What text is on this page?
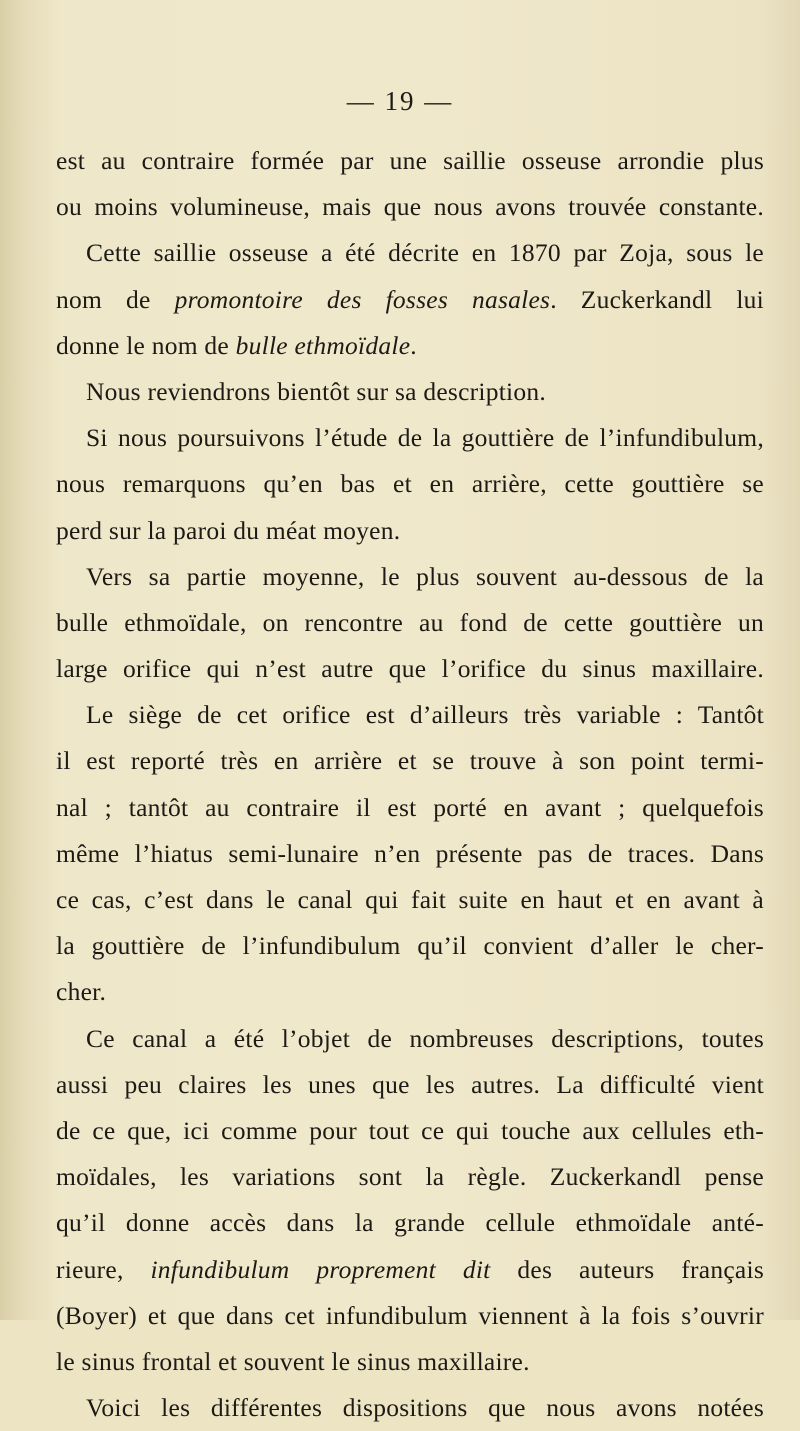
— 19 —
est au contraire formée par une saillie osseuse arrondie plus
ou moins volumineuse, mais que nous avons trouvée constante.
Cette saillie osseuse a été décrite en 1870 par Zoja, sous le
nom de promontoire des fosses nasales. Zuckerkandl lui
donne le nom de bulle ethmoïdale.
Nous reviendrons bientôt sur sa description.
Si nous poursuivons l’étude de la gouttière de l’infundibulum,
nous remarquons qu’en bas et en arrière, cette gouttière se
perd sur la paroi du méat moyen.
Vers sa partie moyenne, le plus souvent au-dessous de la
bulle ethmoïdale, on rencontre au fond de cette gouttière un
large orifice qui n’est autre que l’orifice du sinus maxillaire.
Le siège de cet orifice est d’ailleurs très variable : Tantôt
il est reporté très en arrière et se trouve à son point termi-
nal ; tantôt au contraire il est porté en avant ; quelquefois
même l’hiatus semi-lunaire n’en présente pas de traces. Dans
ce cas, c’est dans le canal qui fait suite en haut et en avant à
la gouttière de l’infundibulum qu’il convient d’aller le cher-
cher.
Ce canal a été l’objet de nombreuses descriptions, toutes
aussi peu claires les unes que les autres. La difficulté vient
de ce que, ici comme pour tout ce qui touche aux cellules eth-
moïdales, les variations sont la règle. Zuckerkandl pense
qu’il donne accès dans la grande cellule ethmoïdale anté-
rieure, infundibulum proprement dit des auteurs français
(Boyer) et que dans cet infundibulum viennent à la fois s’ouvrir
le sinus frontal et souvent le sinus maxillaire.
Voici les différentes dispositions que nous avons notées
